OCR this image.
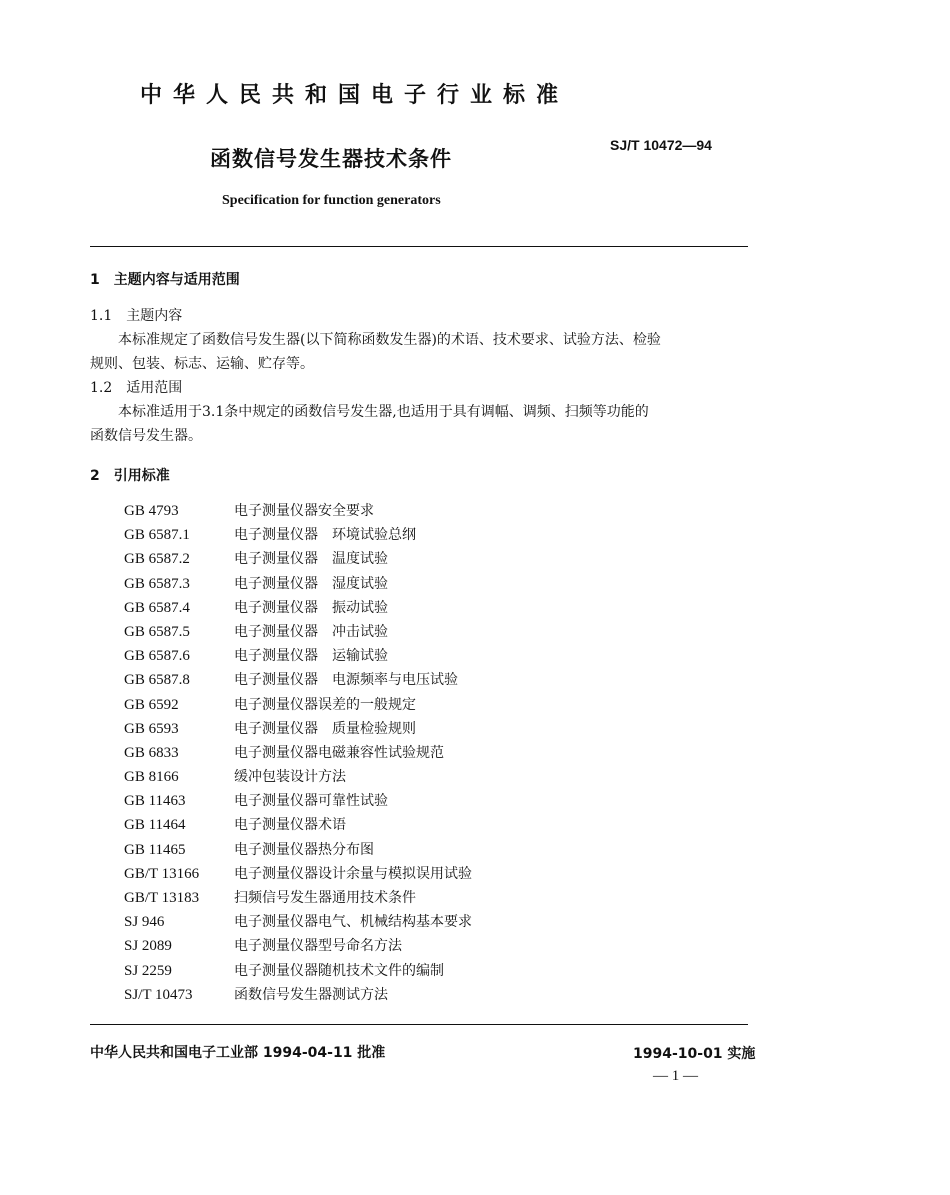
中华人民共和国电子行业标准
函数信号发生器技术条件
SJ/T 10472—94
Specification for function generators
1　主题内容与适用范围
1.1　主题内容
本标准规定了函数信号发生器(以下简称函数发生器)的术语、技术要求、试验方法、检验
规则、包装、标志、运输、贮存等。
1.2　适用范围
本标准适用于3.1条中规定的函数信号发生器,也适用于具有调幅、调频、扫频等功能的
函数信号发生器。
2　引用标准
GB 4793	电子测量仪器安全要求
GB 6587.1	电子测量仪器　环境试验总纲
GB 6587.2	电子测量仪器　温度试验
GB 6587.3	电子测量仪器　湿度试验
GB 6587.4	电子测量仪器　振动试验
GB 6587.5	电子测量仪器　冲击试验
GB 6587.6	电子测量仪器　运输试验
GB 6587.8	电子测量仪器　电源频率与电压试验
GB 6592	电子测量仪器误差的一般规定
GB 6593	电子测量仪器　质量检验规则
GB 6833	电子测量仪器电磁兼容性试验规范
GB 8166	缓冲包装设计方法
GB 11463	电子测量仪器可靠性试验
GB 11464	电子测量仪器术语
GB 11465	电子测量仪器热分布图
GB/T 13166	电子测量仪器设计余量与模拟误用试验
GB/T 13183	扫频信号发生器通用技术条件
SJ 946	电子测量仪器电气、机械结构基本要求
SJ 2089	电子测量仪器型号命名方法
SJ 2259	电子测量仪器随机技术文件的编制
SJ/T 10473	函数信号发生器测试方法
中华人民共和国电子工业部 1994-04-11 批准	1994-10-01 实施
— 1 —
